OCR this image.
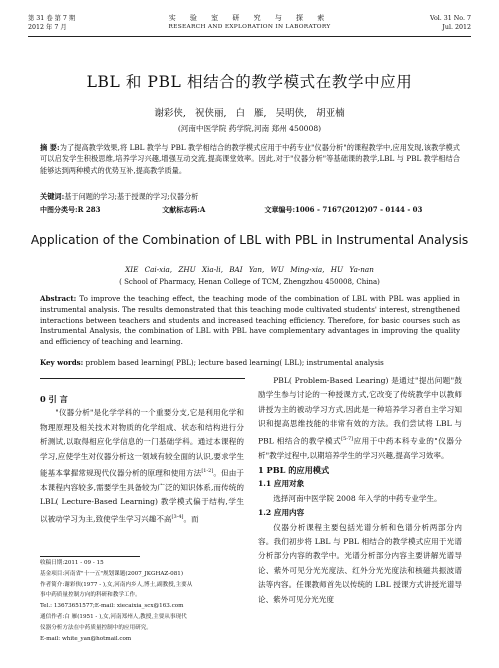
第 31 卷 第 7 期
2012 年 7 月
实 验 室 研 究 与 探 索
RESEARCH AND EXPLORATION IN LABORATORY
Vol. 31 No. 7
Jul. 2012
LBL 和 PBL 相结合的教学模式在教学中应用
谢彩侠, 祝侠丽, 白 雁, 吴明侠, 胡亚楠
(河南中医学院 药学院,河南 郑州 450008)
摘 要:为了提高教学效果,将 LBL 教学与 PBL 教学相结合的教学模式应用于中药专业"仪器分析"的课程教学中,应用发现,该教学模式可以启发学生积极思维,培养学习兴趣,增强互动交流,提高课堂效率。因此,对于"仪器分析"等基础课的教学,LBL 与 PBL 教学相结合能够达到两种模式的优势互补,提高教学质量。
关键词:基于问题的学习;基于授课的学习;仪器分析
中图分类号:R 283	文献标志码:A	文章编号:1006 - 7167(2012)07 - 0144 - 03
Application of the Combination of LBL with PBL in Instrumental Analysis
XIE Cai-xia, ZHU Xia-li, BAI Yan, WU Ming-xia, HU Ya-nan
( School of Pharmacy, Henan College of TCM, Zhengzhou 450008, China)
Abstract: To improve the teaching effect, the teaching mode of the combination of LBL with PBL was applied in instrumental analysis. The results demonstrated that this teaching mode cultivated students' interest, strengthened interactions between teachers and students and increased teaching efficiency. Therefore, for basic courses such as Instrumental Analysis, the combination of LBL with PBL have complementary advantages in improving the quality and efficiency of teaching and learning.
Key words: problem based learning( PBL); lecture based learning( LBL); instrumental analysis

0 引 言

"仪器分析"是化学学科的一个重要分支,它是利用化学和物理原理及相关技术对物质的化学组成、状态和结构进行分析测试,以取得相应化学信息的一门基础学科。通过本课程的学习,应使学生对仪器分析这一领域有较全面的认识,要求学生能基本掌握常规现代仪器分析的原理和使用方法[1-2]。但由于本课程内容较多,需要学生具备较为广泛的知识体系,而传统的 LBL( Lecture-Based Learning) 教学模式偏于结构,学生以被动学习为主,致使学生学习兴趣不高[3-4]。而

PBL( Problem-Based Learing) 是通过"提出问题"鼓励学生参与讨论的一种授课方式,它改变了传统教学中以教师讲授为主的被动学习方式,因此是一种培养学习者自主学习知识和提高思维技能的非常有效的方法。我们尝试将 LBL 与 PBL 相结合的教学模式[5-7]应用于中药本科专业的"仪器分析"教学过程中,以期培养学生的学习兴趣,提高学习效率。

1 PBL 的应用模式

1.1 应用对象

选择河南中医学院 2008 年入学的中药专业学生。

1.2 应用内容

仪器分析课程主要包括光谱分析和色谱分析两部分内容。我们初步将 LBL 与 PBL 相结合的教学模式应用于光谱分析部分内容的教学中。光谱分析部分内容主要讲解光谱导论、紫外可见分光光度法、红外分光光度法和核磁共振波谱法等内容。任课教师首先以传统的 LBL 授课方式讲授光谱导论、紫外可见分光光度

收稿日期:2011 - 09 - 15
基金项目:河南省"十一五"规划课题(2007_JKGHAZ-081)
作者简介:谢彩侠(1977 - ),女,河南内乡人,博士,副教授,主要从
事中药质量控制方向的科研和教学工作。
Tel.: 13673651577;E-mail: xiecaixia_scx@163.com
通信作者:白 雁(1951 - ),女,河南郑州人,教授,主要从事现代
仪器分析方法在中药质量控制中的应用研究。
E-mail: white_yan@hotmail.com
